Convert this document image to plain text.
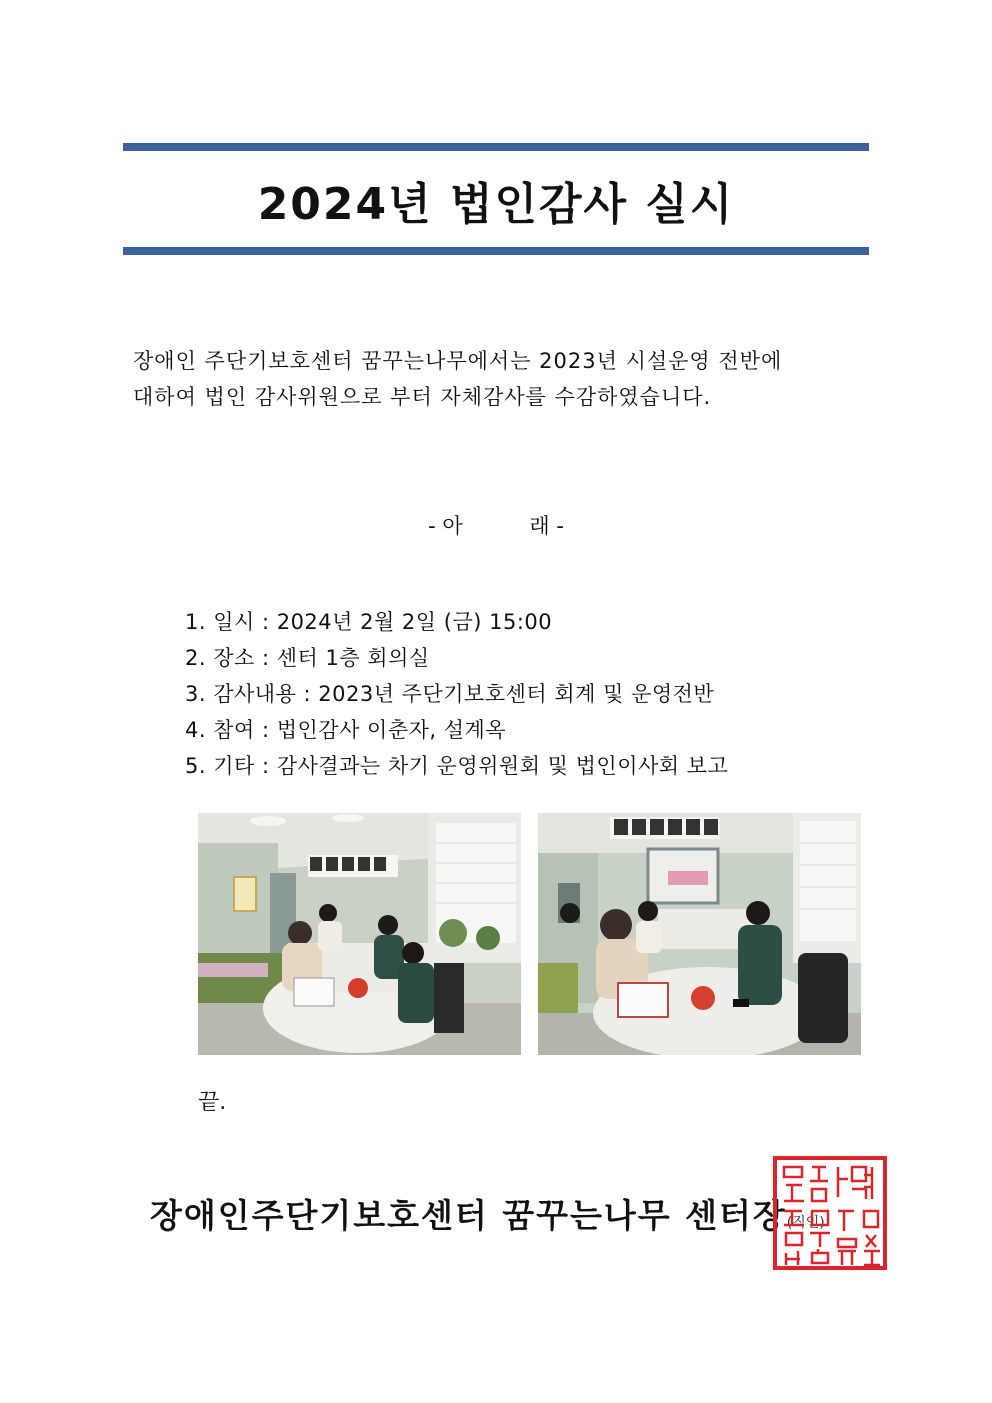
2024년 법인감사 실시
장애인 주단기보호센터 꿈꾸는나무에서는 2023년 시설운영 전반에
대하여 법인 감사위원으로 부터 자체감사를 수감하였습니다.
- 아          래 -
1. 일시 : 2024년 2월 2일 (금) 15:00
2. 장소 : 센터 1층 회의실
3. 감사내용 : 2023년 주단기보호센터 회계 및 운영전반
4. 참여 : 법인감사 이춘자, 설계옥
5. 기타 : 감사결과는 차기 운영위원회 및 법인이사회 보고
끝.
장애인주단기보호센터 꿈꾸는나무 센터장(직인)
